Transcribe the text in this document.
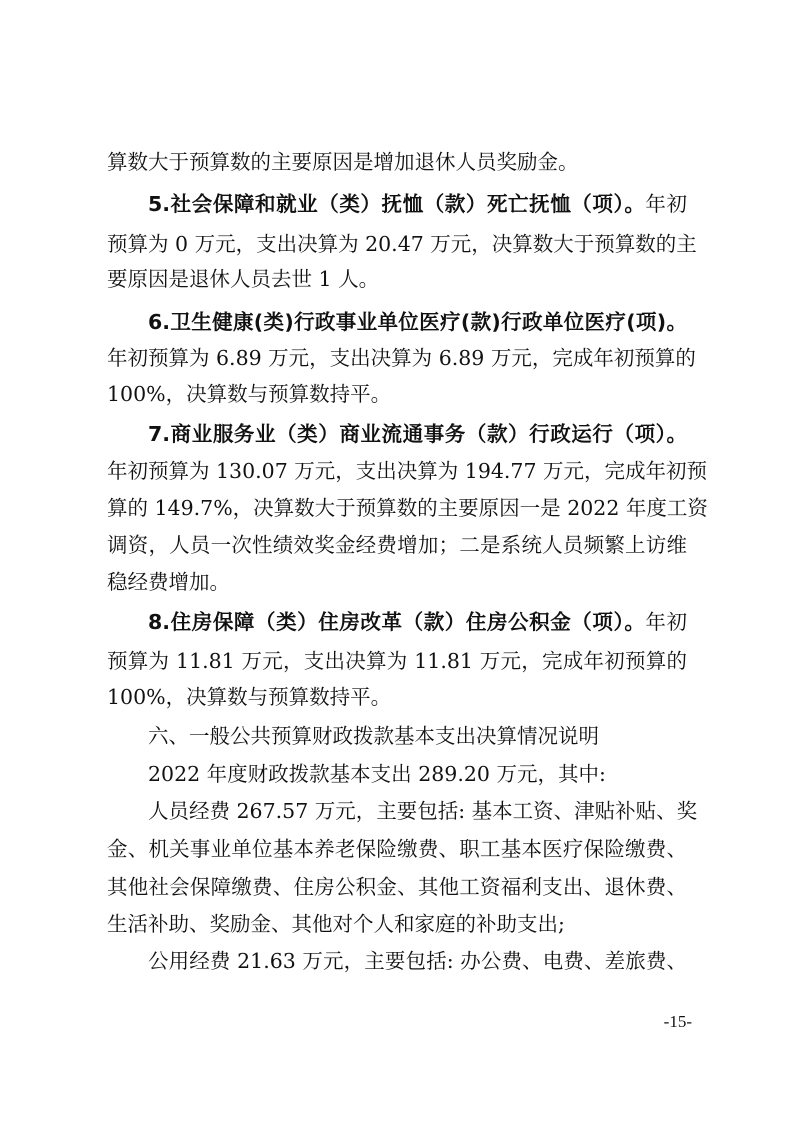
算数大于预算数的主要原因是增加退休人员奖励金。
5.社会保障和就业（类）抚恤（款）死亡抚恤（项）。年初
预算为 0 万元，支出决算为 20.47 万元，决算数大于预算数的主
要原因是退休人员去世 1 人。
6.卫生健康(类)行政事业单位医疗(款)行政单位医疗(项)。
年初预算为 6.89 万元，支出决算为 6.89 万元，完成年初预算的
100%，决算数与预算数持平。
7.商业服务业（类）商业流通事务（款）行政运行（项）。
年初预算为 130.07 万元，支出决算为 194.77 万元，完成年初预
算的 149.7%，决算数大于预算数的主要原因一是 2022 年度工资
调资，人员一次性绩效奖金经费增加；二是系统人员频繁上访维
稳经费增加。
8.住房保障（类）住房改革（款）住房公积金（项）。年初
预算为 11.81 万元，支出决算为 11.81 万元，完成年初预算的
100%，决算数与预算数持平。
六、一般公共预算财政拨款基本支出决算情况说明
2022 年度财政拨款基本支出 289.20 万元，其中:
人员经费 267.57 万元，主要包括: 基本工资、津贴补贴、奖
金、机关事业单位基本养老保险缴费、职工基本医疗保险缴费、
其他社会保障缴费、住房公积金、其他工资福利支出、退休费、
生活补助、奖励金、其他对个人和家庭的补助支出;
公用经费 21.63 万元，主要包括: 办公费、电费、差旅费、
-15-
